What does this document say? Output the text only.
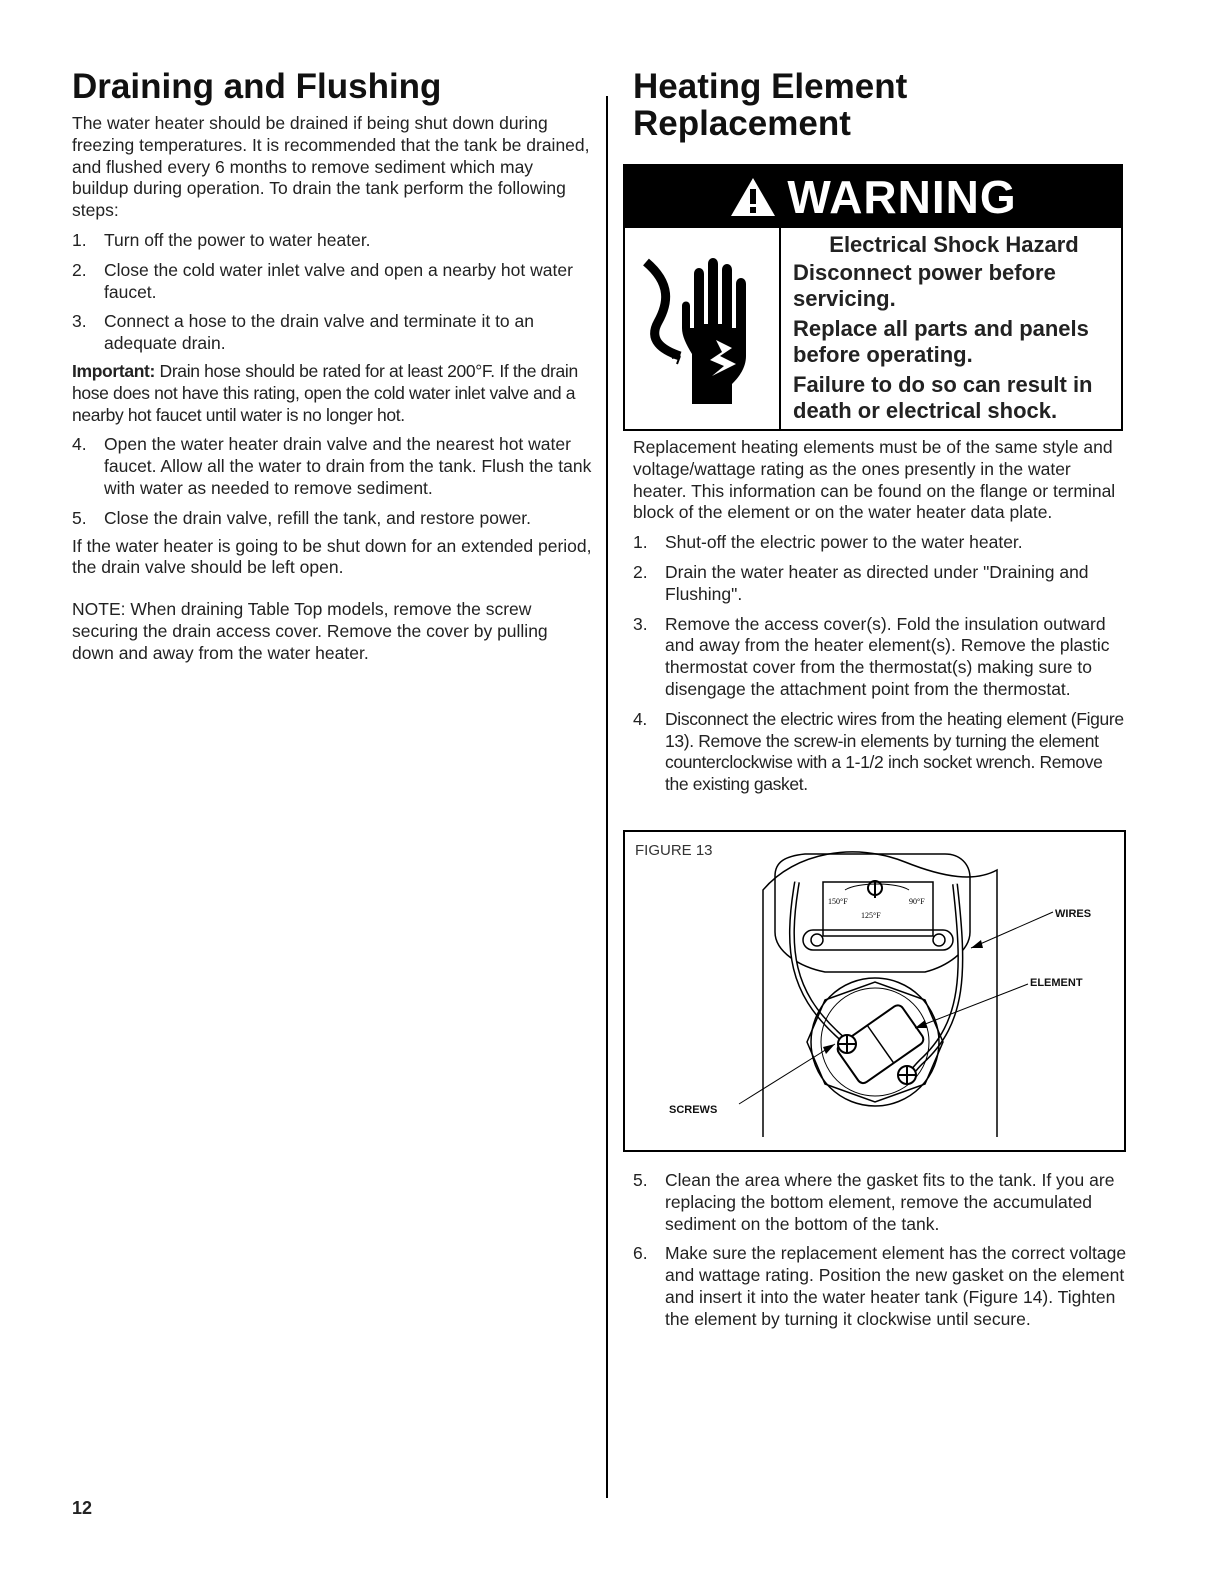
Draining and Flushing

The water heater should be drained if being shut down during freezing temperatures. It is recommended that the tank be drained, and flushed every 6 months to remove sediment which may buildup during operation. To drain the tank perform the following steps:

1. Turn off the power to water heater.
2. Close the cold water inlet valve and open a nearby hot water faucet.
3. Connect a hose to the drain valve and terminate it to an adequate drain.

Important: Drain hose should be rated for at least 200°F. If the drain hose does not have this rating, open the cold water inlet valve and a nearby hot faucet until water is no longer hot.

4. Open the water heater drain valve and the nearest hot water faucet. Allow all the water to drain from the tank. Flush the tank with water as needed to remove sediment.
5. Close the drain valve, refill the tank, and restore power.

If the water heater is going to be shut down for an extended period, the drain valve should be left open.

NOTE: When draining Table Top models, remove the screw securing the drain access cover. Remove the cover by pulling down and away from the water heater.

Heating Element
Replacement
WARNING
Electrical Shock Hazard
Disconnect power before servicing.
Replace all parts and panels before operating.
Failure to do so can result in death or electrical shock.

Replacement heating elements must be of the same style and voltage/wattage rating as the ones presently in the water heater. This information can be found on the flange or terminal block of the element or on the water heater data plate.

1. Shut-off the electric power to the water heater.
2. Drain the water heater as directed under "Draining and Flushing".
3. Remove the access cover(s). Fold the insulation outward and away from the heater element(s). Remove the plastic thermostat cover from the thermostat(s) making sure to disengage the attachment point from the thermostat.
4. Disconnect the electric wires from the heating element (Figure 13). Remove the screw-in elements by turning the element counterclockwise with a 1-1/2 inch socket wrench. Remove the existing gasket.
FIGURE 13
150°F	90°F
125°F	WIRES
ELEMENT
SCREWS
5. Clean the area where the gasket fits to the tank. If you are replacing the bottom element, remove the accumulated sediment on the bottom of the tank.
6. Make sure the replacement element has the correct voltage and wattage rating. Position the new gasket on the element and insert it into the water heater tank (Figure 14). Tighten the element by turning it clockwise until secure.
12
